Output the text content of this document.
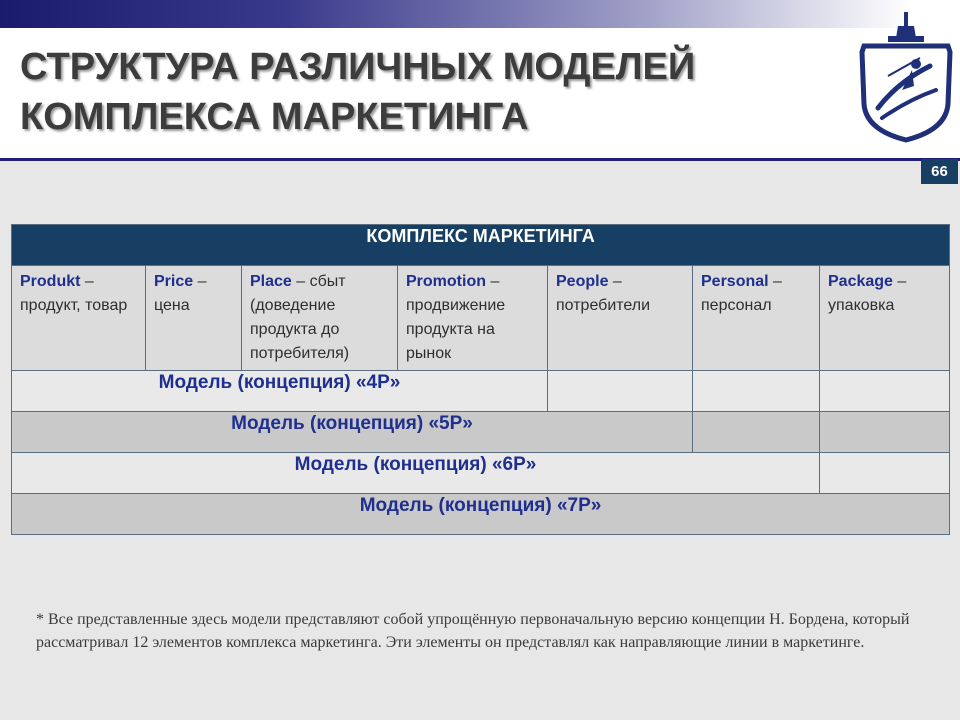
СТРУКТУРА РАЗЛИЧНЫХ МОДЕЛЕЙ
КОМПЛЕКСА МАРКЕТИНГА
66
КОМПЛЕКС МАРКЕТИНГА						
Produkt – продукт, товар	Price – цена	Place – сбыт (доведение продукта до потребителя)	Promotion – продвижение продукта на рынок	People – потребители	Personal – персонал	Package – упаковка
Модель (концепция) «4Р»						
Модель (концепция) «5Р»						
Модель (концепция) «6Р»						
Модель (концепция) «7Р»						
* Все представленные здесь модели представляют собой упрощённую первоначальную версию концепции Н. Бордена, который рассматривал 12 элементов комплекса маркетинга. Эти элементы он представлял как направляющие линии в маркетинге.
